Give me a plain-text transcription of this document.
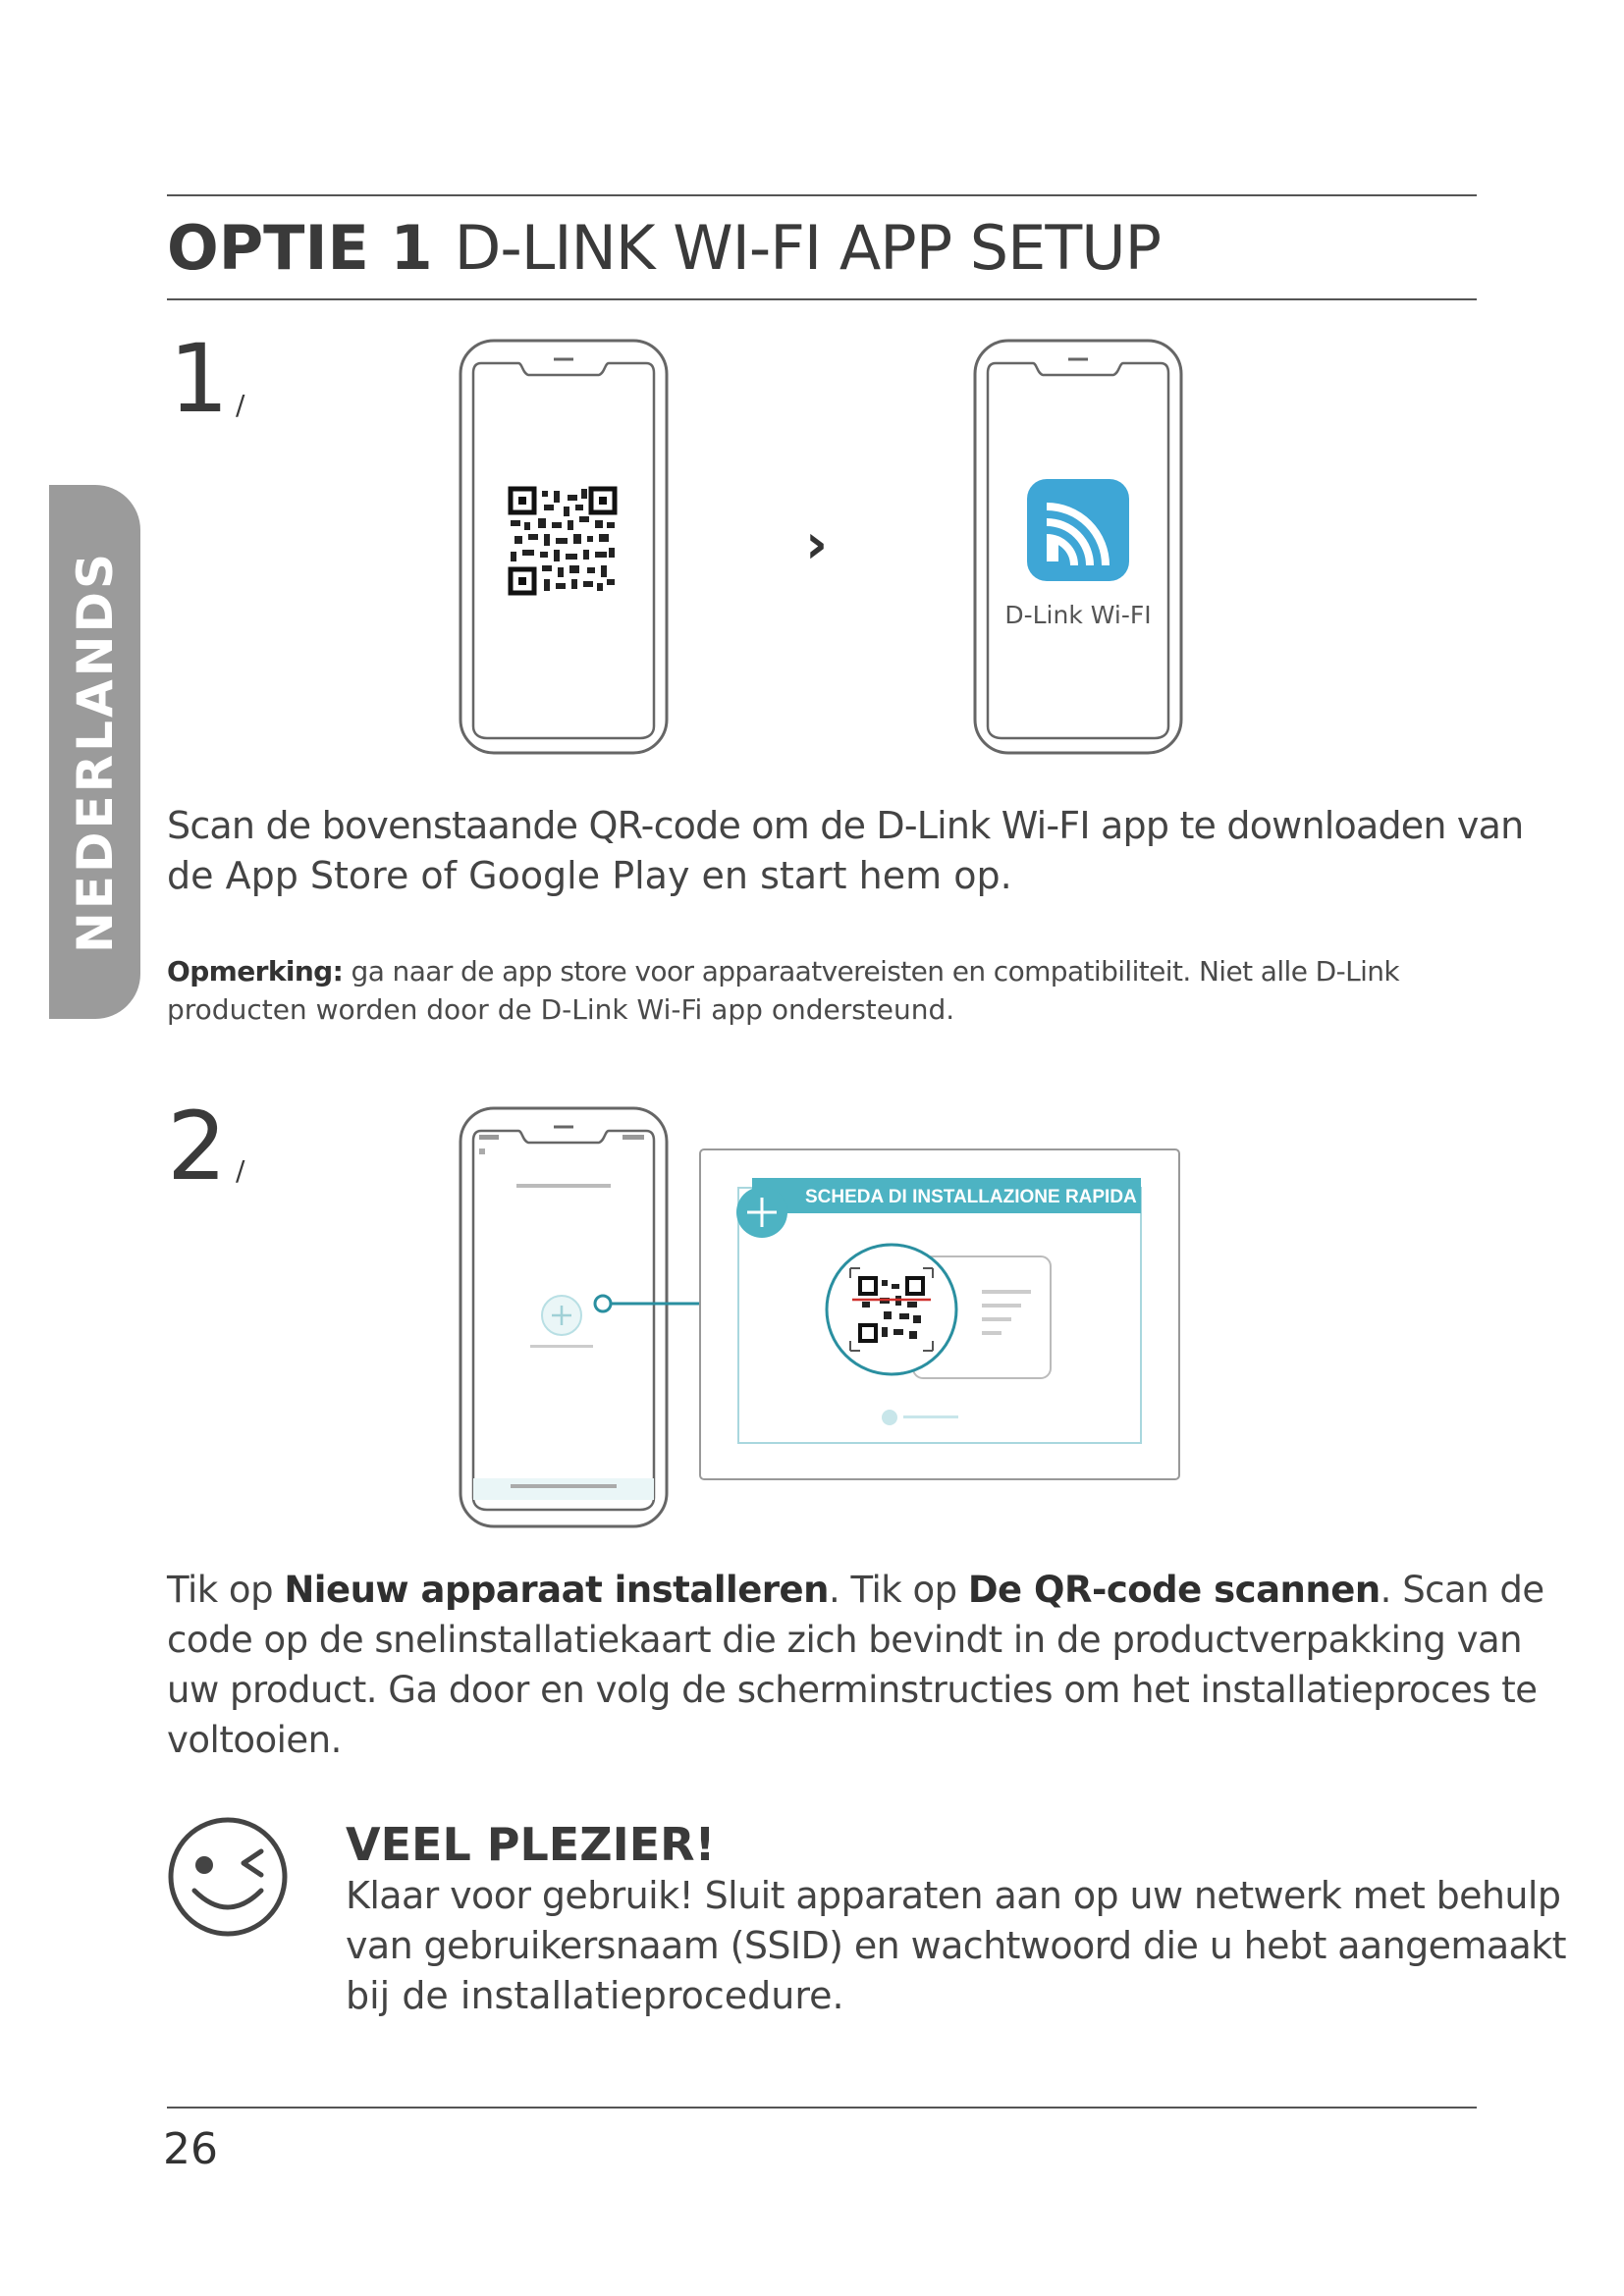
OPTIE 1 D-LINK WI-FI APP SETUP
NEDERLANDS
1 /
›
D-Link Wi-FI
Scan de bovenstaande QR-code om de D-Link Wi-FI app te downloaden van
de App Store of Google Play en start hem op.
Opmerking: ga naar de app store voor apparaatvereisten en compatibiliteit. Niet alle D-Link
producten worden door de D-Link Wi-Fi app ondersteund.
2 /
SCHEDA DI INSTALLAZIONE RAPIDA
Tik op Nieuw apparaat installeren. Tik op De QR-code scannen. Scan de
code op de snelinstallatiekaart die zich bevindt in de productverpakking van
uw product. Ga door en volg de scherminstructies om het installatieproces te
voltooien.
VEEL PLEZIER!
Klaar voor gebruik! Sluit apparaten aan op uw netwerk met behulp
van gebruikersnaam (SSID) en wachtwoord die u hebt aangemaakt
bij de installatieprocedure.
26
